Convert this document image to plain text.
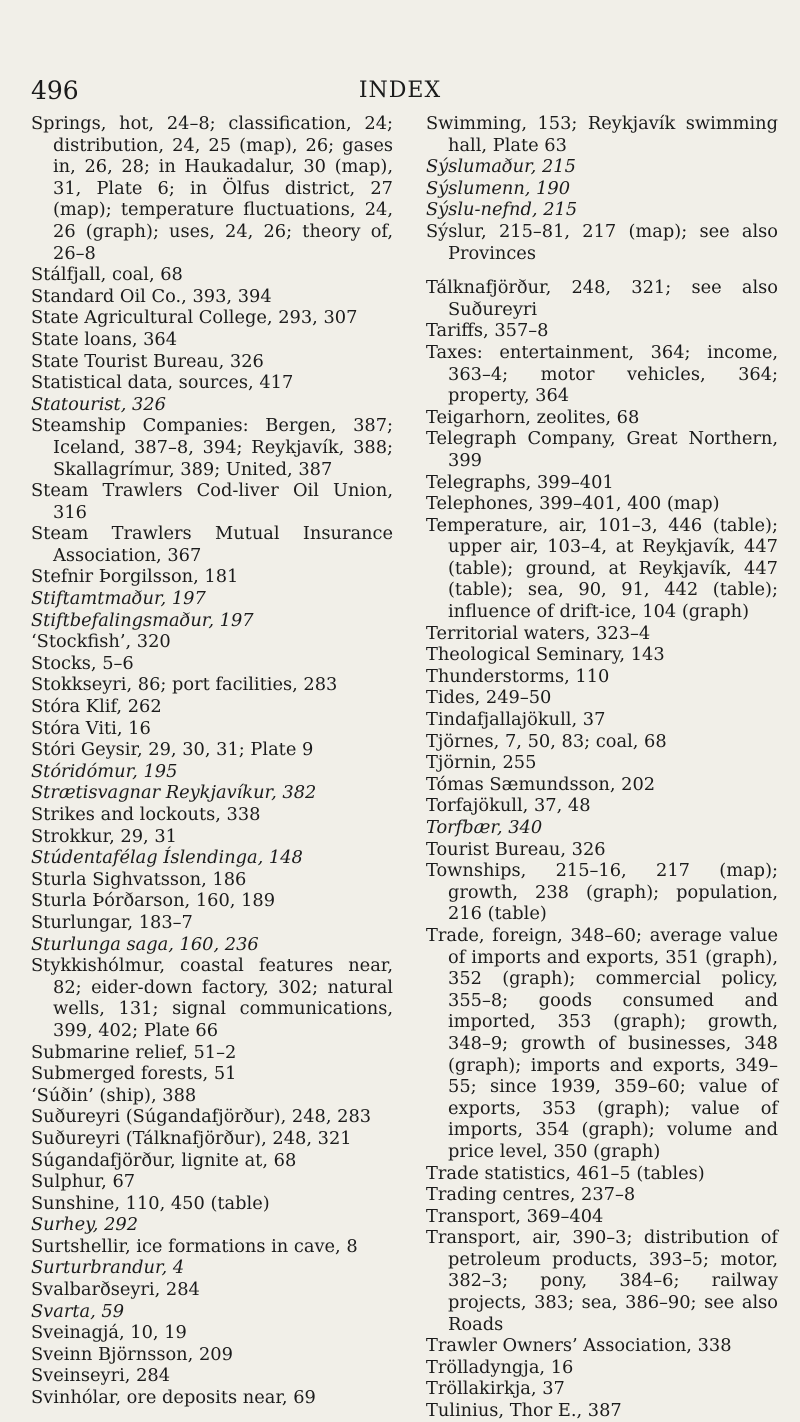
496	INDEX
Springs, hot, 24–8; classification, 24; distribution, 24, 25 (map), 26; gases in, 26, 28; in Haukadalur, 30 (map), 31, Plate 6; in Ölfus district, 27 (map); temperature fluctuations, 24, 26 (graph); uses, 24, 26; theory of, 26–8
Stálfjall, coal, 68
Standard Oil Co., 393, 394
State Agricultural College, 293, 307
State loans, 364
State Tourist Bureau, 326
Statistical data, sources, 417
Statourist, 326
Steamship Companies: Bergen, 387; Iceland, 387–8, 394; Reykjavík, 388; Skallagrímur, 389; United, 387
Steam Trawlers Cod-liver Oil Union, 316
Steam Trawlers Mutual Insurance Association, 367
Stefnir Þorgilsson, 181
Stiftamtmaður, 197
Stiftbefalingsmaður, 197
‘Stockfish’, 320
Stocks, 5–6
Stokkseyri, 86; port facilities, 283
Stóra Klif, 262
Stóra Viti, 16
Stóri Geysir, 29, 30, 31; Plate 9
Stóridómur, 195
Strætisvagnar Reykjavíkur, 382
Strikes and lockouts, 338
Strokkur, 29, 31
Stúdentafélag Íslendinga, 148
Sturla Sighvatsson, 186
Sturla Þórðarson, 160, 189
Sturlungar, 183–7
Sturlunga saga, 160, 236
Stykkishólmur, coastal features near, 82; eider-down factory, 302; natural wells, 131; signal communications, 399, 402; Plate 66
Submarine relief, 51–2
Submerged forests, 51
‘Súðin’ (ship), 388
Suðureyri (Súgandafjörður), 248, 283
Suðureyri (Tálknafjörður), 248, 321
Súgandafjörður, lignite at, 68
Sulphur, 67
Sunshine, 110, 450 (table)
Surhey, 292
Surtshellir, ice formations in cave, 8
Surturbrandur, 4
Svalbarðseyri, 284
Svarta, 59
Sveinagjá, 10, 19
Sveinn Björnsson, 209
Sveinseyri, 284
Svinhólar, ore deposits near, 69
Swimming, 153; Reykjavík swimming hall, Plate 63
Sýslumaður, 215
Sýslumenn, 190
Sýslu-nefnd, 215
Sýslur, 215–81, 217 (map); see also Provinces
Tálknafjörður, 248, 321; see also Suðureyri
Tariffs, 357–8
Taxes: entertainment, 364; income, 363–4; motor vehicles, 364; property, 364
Teigarhorn, zeolites, 68
Telegraph Company, Great Northern, 399
Telegraphs, 399–401
Telephones, 399–401, 400 (map)
Temperature, air, 101–3, 446 (table); upper air, 103–4, at Reykjavík, 447 (table); ground, at Reykjavík, 447 (table); sea, 90, 91, 442 (table); influence of drift-ice, 104 (graph)
Territorial waters, 323–4
Theological Seminary, 143
Thunderstorms, 110
Tides, 249–50
Tindafjallajökull, 37
Tjörnes, 7, 50, 83; coal, 68
Tjörnin, 255
Tómas Sæmundsson, 202
Torfajökull, 37, 48
Torfbær, 340
Tourist Bureau, 326
Townships, 215–16, 217 (map); growth, 238 (graph); population, 216 (table)
Trade, foreign, 348–60; average value of imports and exports, 351 (graph), 352 (graph); commercial policy, 355–8; goods consumed and imported, 353 (graph); growth, 348–9; growth of businesses, 348 (graph); imports and exports, 349–55; since 1939, 359–60; value of exports, 353 (graph); value of imports, 354 (graph); volume and price level, 350 (graph)
Trade statistics, 461–5 (tables)
Trading centres, 237–8
Transport, 369–404
Transport, air, 390–3; distribution of petroleum products, 393–5; motor, 382–3; pony, 384–6; railway projects, 383; sea, 386–90; see also Roads
Trawler Owners’ Association, 338
Trölladyngja, 16
Tröllakirkja, 37
Tulinius, Thor E., 387
